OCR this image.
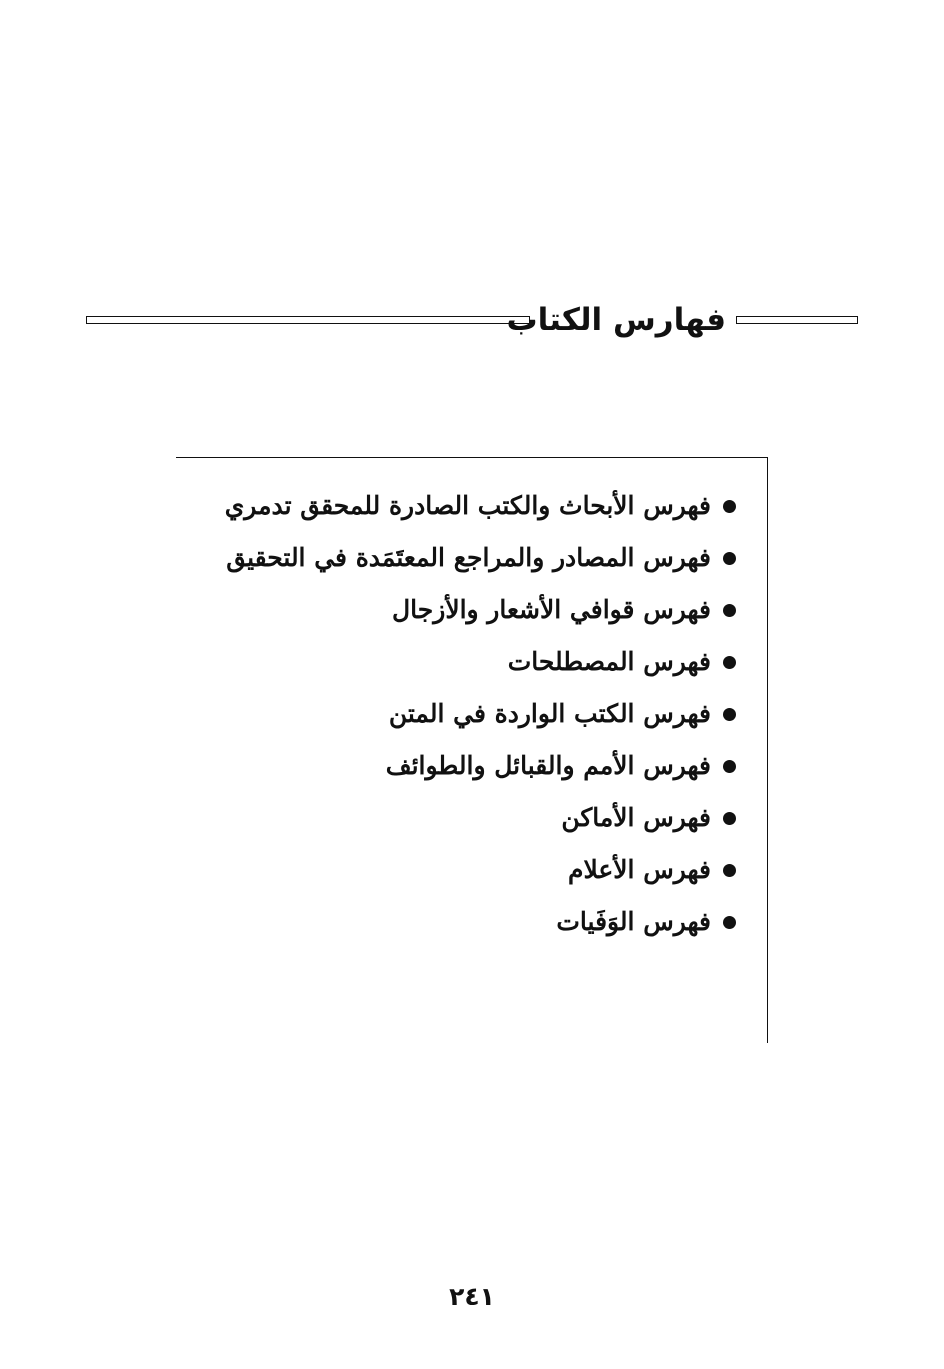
فهارس الكتاب
فهرس الأبحاث والكتب الصادرة للمحقق تدمري
فهرس المصادر والمراجع المعتَمَدة في التحقيق
فهرس قوافي الأشعار والأزجال
فهرس المصطلحات
فهرس الكتب الواردة في المتن
فهرس الأمم والقبائل والطوائف
فهرس الأماكن
فهرس الأعلام
فهرس الوَفَيات
٢٤١
